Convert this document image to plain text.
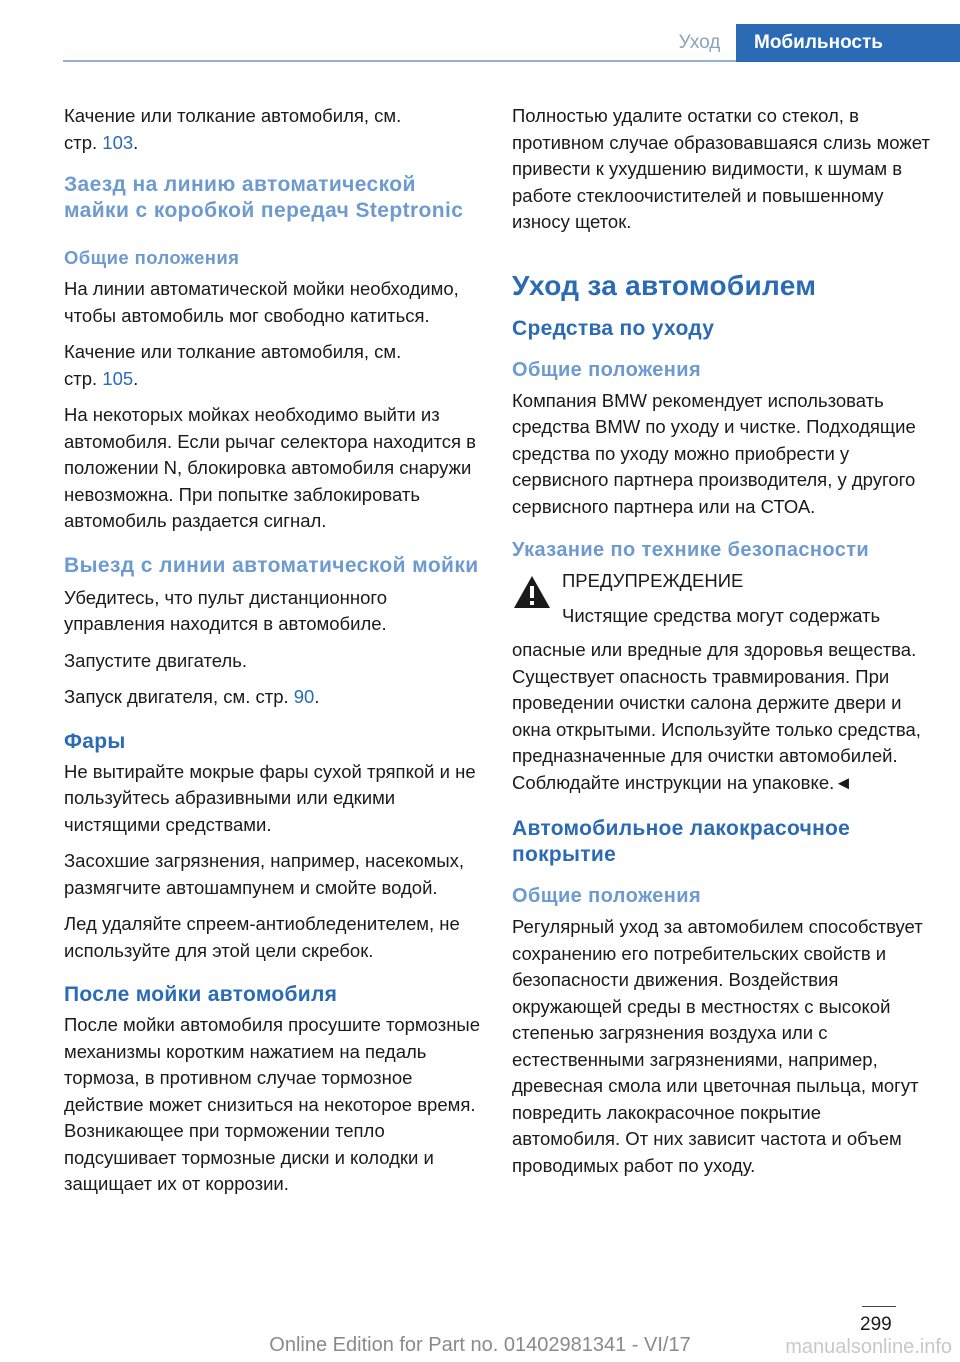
Уход	Мобильность

Качение или толкание автомобиля, см.
стр. 103.

Заезд на линию автоматической майки с коробкой передач Steptronic
Общие положения

На линии автоматической мойки необходимо, чтобы автомобиль мог свободно катиться.

Качение или толкание автомобиля, см.
стр. 105.

На некоторых мойках необходимо выйти из автомобиля. Если рычаг селектора находится в положении N, блокировка автомобиля снаружи невозможна. При попытке заблокировать автомобиль раздается сигнал.

Выезд с линии автоматической мойки

Убедитесь, что пульт дистанционного управления находится в автомобиле.

Запустите двигатель.

Запуск двигателя, см. стр. 90.

Фары

Не вытирайте мокрые фары сухой тряпкой и не пользуйтесь абразивными или едкими чистящими средствами.

Засохшие загрязнения, например, насекомых, размягчите автошампунем и смойте водой.

Лед удаляйте спреем-антиобледенителем, не используйте для этой цели скребок.

После мойки автомобиля

После мойки автомобиля просушите тормозные механизмы коротким нажатием на педаль тормоза, в противном случае тормозное действие может снизиться на некоторое время. Возникающее при торможении тепло подсушивает тормозные диски и колодки и защищает их от коррозии.

Полностью удалите остатки со стекол, в противном случае образовавшаяся слизь может привести к ухудшению видимости, к шумам в работе стеклоочистителей и повышенному износу щеток.

Уход за автомобилем
Средства по уходу
Общие положения

Компания BMW рекомендует использовать средства BMW по уходу и чистке. Подходящие средства по уходу можно приобрести у сервисного партнера производителя, у другого сервисного партнера или на СТОА.

Указание по технике безопасности

ПРЕДУПРЕЖДЕНИЕ

Чистящие средства могут содержать

опасные или вредные для здоровья вещества. Существует опасность травмирования. При проведении очистки салона держите двери и окна открытыми. Используйте только средства, предназначенные для очистки автомобилей. Соблюдайте инструкции на упаковке.◄

Автомобильное лакокрасочное покрытие
Общие положения

Регулярный уход за автомобилем способствует сохранению его потребительских свойств и безопасности движения. Воздействия окружающей среды в местностях с высокой степенью загрязнения воздуха или с естественными загрязнениями, например, древесная смола или цветочная пыльца, могут повредить лакокрасочное покрытие автомобиля. От них зависит частота и объем проводимых работ по уходу.

299
Online Edition for Part no. 01402981341 - VI/17	manualsonline.info
